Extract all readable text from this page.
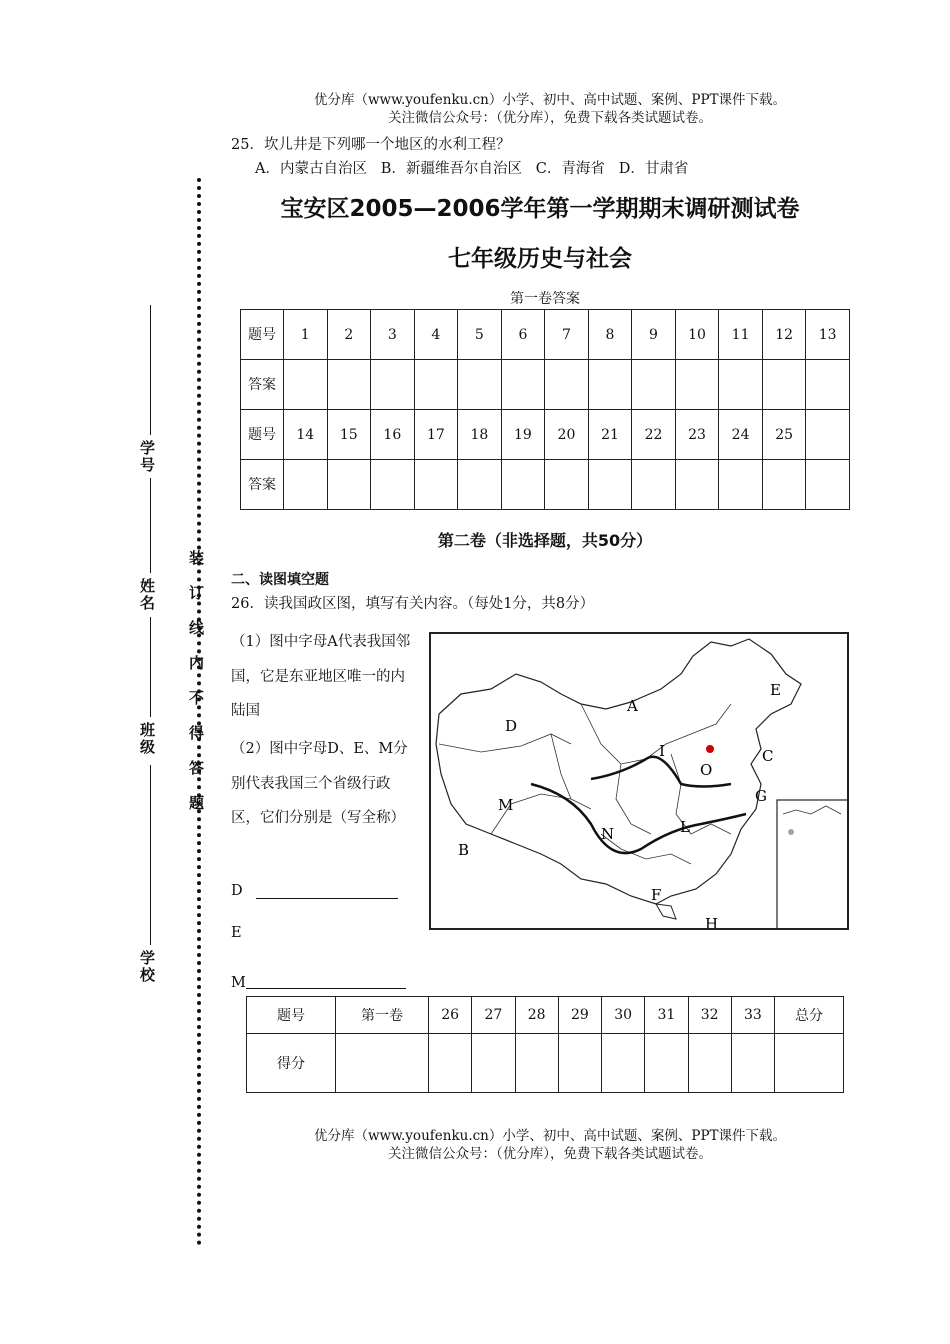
优分库（www.youfenku.cn）小学、初中、高中试题、案例、PPT课件下载。
关注微信公众号：（优分库），免费下载各类试题试卷。
25．坎儿井是下列哪一个地区的水利工程？
A．内蒙古自治区   B．新疆维吾尔自治区   C．青海省   D．甘肃省
宝安区2005—2006学年第一学期期末调研测试卷
七年级历史与社会
第一卷答案
题号	1	2	3	4	5	6	7	8	9	10	11	12	13
答案													
题号	14	15	16	17	18	19	20	21	22	23	24	25	
答案													
第二卷（非选择题，共50分）
二、读图填空题
26．读我国政区图，填写有关内容。（每处1分，共8分）
（1）图中字母A代表我国邻国，它是东亚地区唯一的内陆国
（2）图中字母D、E、M分别代表我国三个省级行政区，它们分别是（写全称）
D
E
M
A
B
C
D
E
F
G
H
I
L
M
N
O
题号	第一卷	26	27	28	29	30	31	32	33	总分
得分										
优分库（www.youfenku.cn）小学、初中、高中试题、案例、PPT课件下载。
关注微信公众号：（优分库），免费下载各类试题试卷。
装订线内不得答题
学号
姓名
班级
学校
